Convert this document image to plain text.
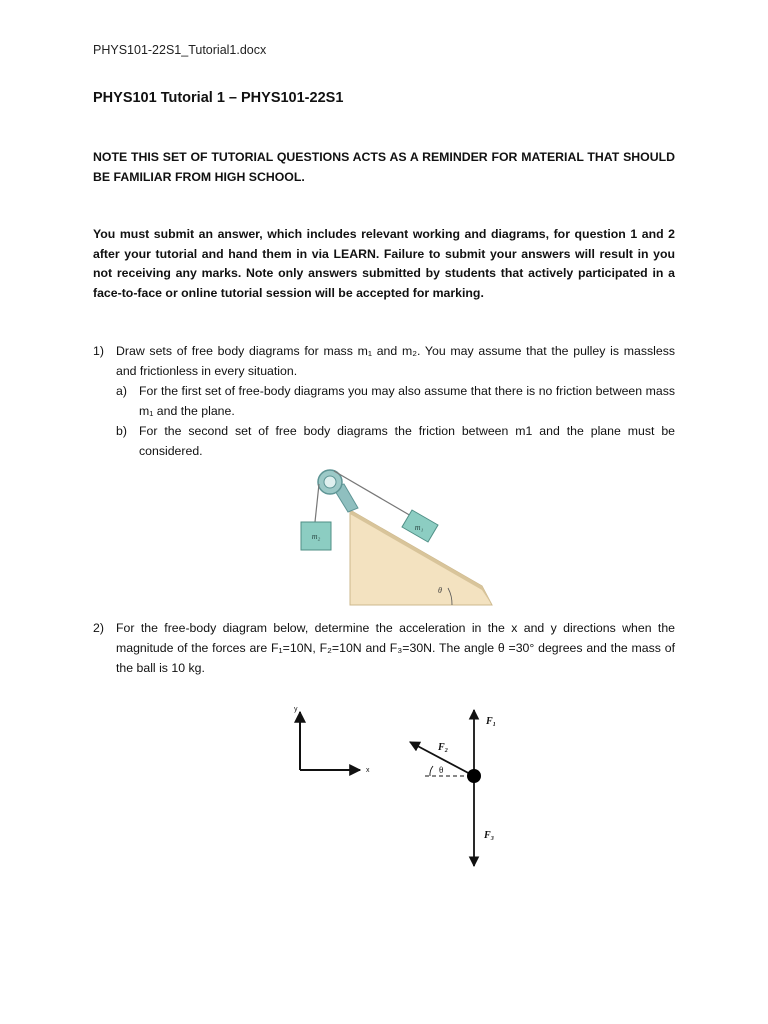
PHYS101-22S1_Tutorial1.docx
PHYS101 Tutorial 1 – PHYS101-22S1
NOTE THIS SET OF TUTORIAL QUESTIONS ACTS AS A REMINDER FOR MATERIAL THAT SHOULD BE FAMILIAR FROM HIGH SCHOOL.
You must submit an answer, which includes relevant working and diagrams, for question 1 and 2 after your tutorial and hand them in via LEARN. Failure to submit your answers will result in you not receiving any marks. Note only answers submitted by students that actively participated in a face-to-face or online tutorial session will be accepted for marking.
1) Draw sets of free body diagrams for mass m₁ and m₂. You may assume that the pulley is massless and frictionless in every situation.
a) For the first set of free-body diagrams you may also assume that there is no friction between mass m₁ and the plane.
b) For the second set of free body diagrams the friction between m1 and the plane must be considered.
m₂
m₁
θ
2) For the free-body diagram below, determine the acceleration in the x and y directions when the magnitude of the forces are F₁=10N, F₂=10N and F₃=30N. The angle θ =30° degrees and the mass of the ball is 10 kg.
y
x	θ
F₁
F₂
F₃
